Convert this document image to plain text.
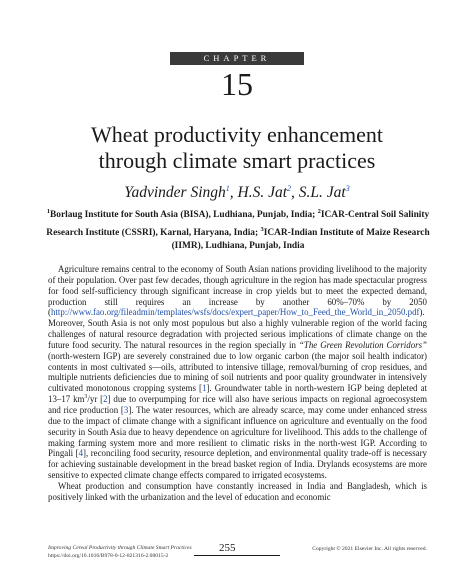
CHAPTER
15
Wheat productivity enhancement
through climate smart practices
Yadvinder Singh$^1$, H.S. Jat$^2$, S.L. Jat$^3$
$^1$Borlaug Institute for South Asia (BISA), Ludhiana, Punjab, India; $^2$ICAR-Central Soil Salinity Research Institute (CSSRI), Karnal, Haryana, India; $^3$ICAR-Indian Institute of Maize Research (IIMR), Ludhiana, Punjab, India

Agriculture remains central to the economy of South Asian nations providing livelihood to the majority of their population. Over past few decades, though agriculture in the region has made spectacular progress for food self-sufficiency through significant increase in crop yields but to meet the expected demand, production still requires an increase by another 60%–70% by 2050 (http://www.fao.org/fileadmin/templates/wsfs/docs/expert_paper/How_to_Feed_the_World_in_2050.pdf). Moreover, South Asia is not only most populous but also a highly vulnerable region of the world facing challenges of natural resource degradation with projected serious implications of climate change on the future food security. The natural resources in the region specially in “The Green Revolution Corridors” (north-western IGP) are severely constrained due to low organic carbon (the major soil health indicator) contents in most cultivated s—oils, attributed to intensive tillage, removal/burning of crop residues, and multiple nutrients deficiencies due to mining of soil nutrients and poor quality groundwater in intensively cultivated monotonous cropping systems [1]. Groundwater table in north-western IGP being depleted at 13–17 $km^3/yr$ [2] due to overpumping for rice will also have serious impacts on regional agroecosystem and rice production [3]. The water resources, which are already scarce, may come under enhanced stress due to the impact of climate change with a significant influence on agriculture and eventually on the food security in South Asia due to heavy dependence on agriculture for livelihood. This adds to the challenge of making farming system more and more resilient to climatic risks in the north-west IGP. According to Pingali [4], reconciling food security, resource depletion, and environmental quality trade-off is necessary for achieving sustainable development in the bread basket region of India. Drylands ecosystems are more sensitive to expected climate change effects compared to irrigated ecosystems.

Wheat production and consumption have constantly increased in India and Bangladesh, which is positively linked with the urbanization and the level of education and economic

Improving Cereal Productivity through Climate Smart Practices
https://doi.org/10.1016/B978-0-12-821316-2.00015-2
255	Copyright © 2021 Elsevier Inc. All rights reserved.
